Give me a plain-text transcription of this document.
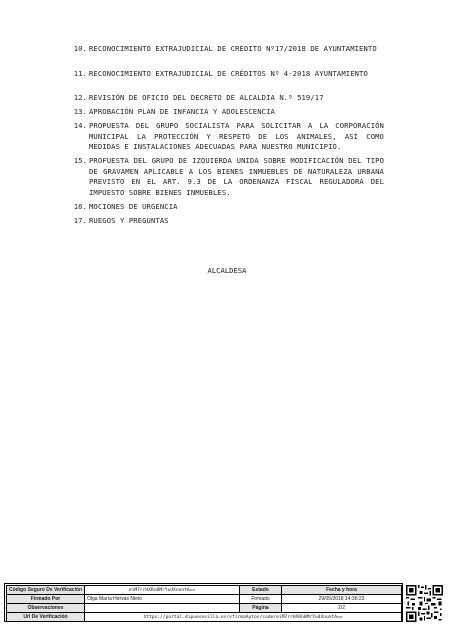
10. RECONOCIMIENTO EXTRAJUDICIAL DE CRÉDITO Nº17/2018 DE AYUNTAMIENTO
11. RECONOCIMIENTO EXTRAJUDICIAL DE CRÉDITOS Nº 4-2018 AYUNTAMIENTO
12. REVISIÓN DE OFICIO DEL DECRETO DE ALCALDÍA N.º 519/17
13. APROBACIÓN PLAN DE INFANCIA Y ADOLESCENCIA
14. PROPUESTA DEL GRUPO SOCIALISTA PARA SOLICITAR A LA CORPORACIÓN MUNICIPAL LA PROTECCIÓN Y RESPETO DE LOS ANIMALES, ASÍ COMO MEDIDAS E INSTALACIONES ADECUADAS PARA NUESTRO MUNICIPIO.
15. PROFUESTA DEL GRUPO DE IZQUIERDA UNIDA SOBRE MODIFICACIÓN DEL TIPO DE GRAVAMEN APLICABLE A LOS BIENES INMUEBLES DE NATURALEZA URBANA PREVISTO EN EL ART. 9.3 DE LA ORDENANZA FISCAL REGULADORA DEL IMPUESTO SOBRE BIENES INMUEBLES.
16. MOCIONES DE URGENCIA
17. RUEGOS Y PREGUNTAS
ALCALDESA
Código Seguro De Verificación	eiM7rrHXRn0MrYudXnuntA==	Estado	Fecha y hora
Firmado Por	Olga María Hervás Nieto	Firmado	29/05/2018 14:36:23
Observaciones		Página	2/2
Url De Verificación	https://portal.dipuesevilla.es/vfirmaAytos/code/eiM7rrHXRn0MrYudXnuntA==		
